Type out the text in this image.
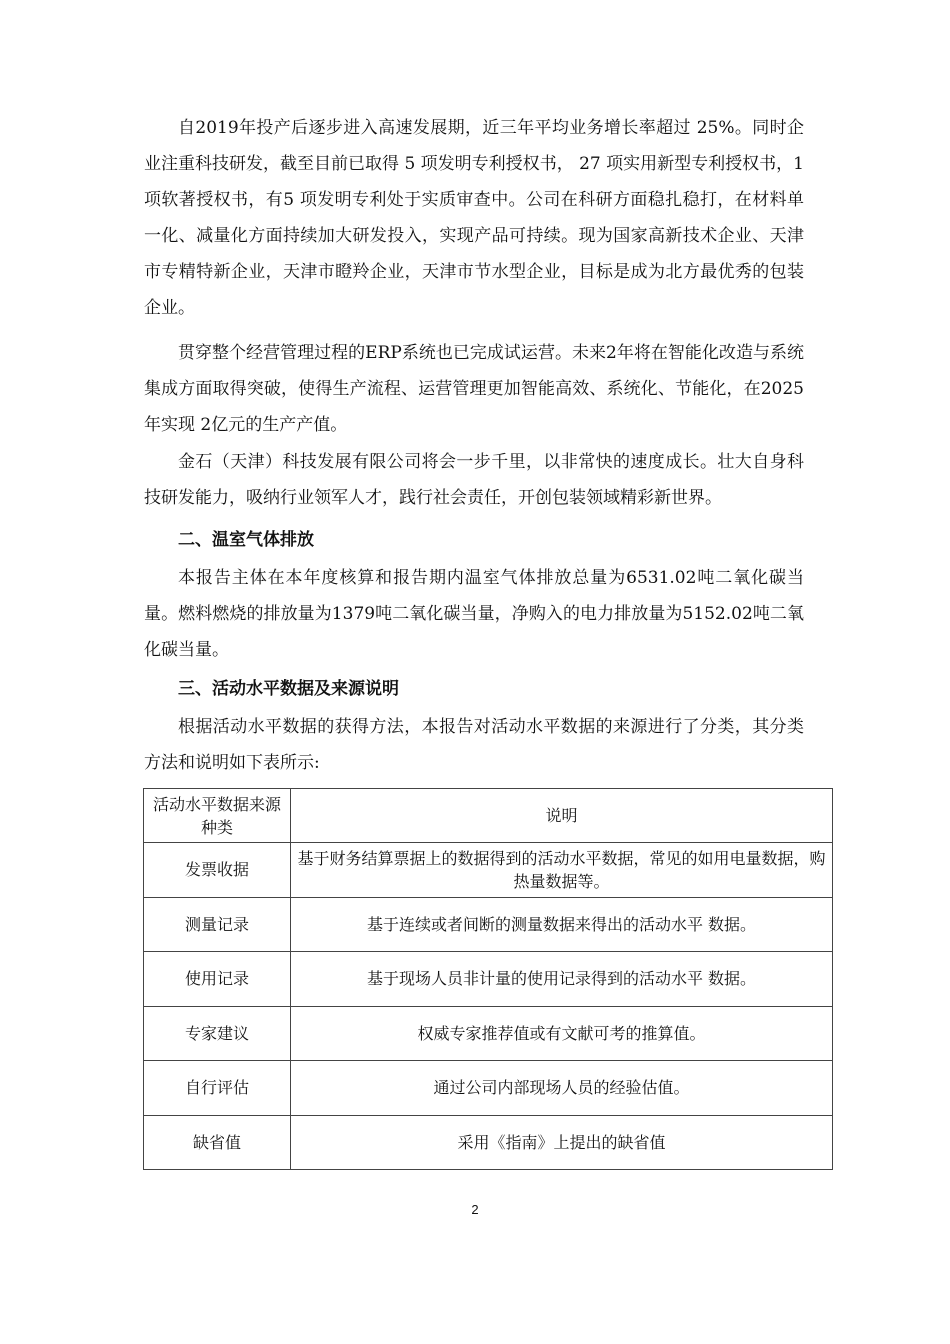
自2019年投产后逐步进入高速发展期，近三年平均业务增长率超过 25%。同时企业注重科技研发，截至目前已取得 5 项发明专利授权书， 27 项实用新型专利授权书，1项软著授权书，有5 项发明专利处于实质审查中。公司在科研方面稳扎稳打，在材料单一化、减量化方面持续加大研发投入，实现产品可持续。现为国家高新技术企业、天津市专精特新企业，天津市瞪羚企业，天津市节水型企业，目标是成为北方最优秀的包装企业。

贯穿整个经营管理过程的ERP系统也已完成试运营。未来2年将在智能化改造与系统集成方面取得突破，使得生产流程、运营管理更加智能高效、系统化、节能化，在2025 年实现 2亿元的生产产值。

金石（天津）科技发展有限公司将会一步千里，以非常快的速度成长。壮大自身科技研发能力，吸纳行业领军人才，践行社会责任，开创包装领域精彩新世界。

二、温室气体排放

本报告主体在本年度核算和报告期内温室气体排放总量为6531.02吨二氧化碳当量。燃料燃烧的排放量为1379吨二氧化碳当量，净购入的电力排放量为5152.02吨二氧化碳当量。

三、活动水平数据及来源说明

根据活动水平数据的获得方法，本报告对活动水平数据的来源进行了分类，其分类方法和说明如下表所示:

活动水平数据来源种类	说明
发票收据	基于财务结算票据上的数据得到的活动水平数据，常见的如用电量数据，购热量数据等。
测量记录	基于连续或者间断的测量数据来得出的活动水平 数据。
使用记录	基于现场人员非计量的使用记录得到的活动水平 数据。
专家建议	权威专家推荐值或有文献可考的推算值。
自行评估	通过公司内部现场人员的经验估值。
缺省值	采用《指南》上提出的缺省值
2
